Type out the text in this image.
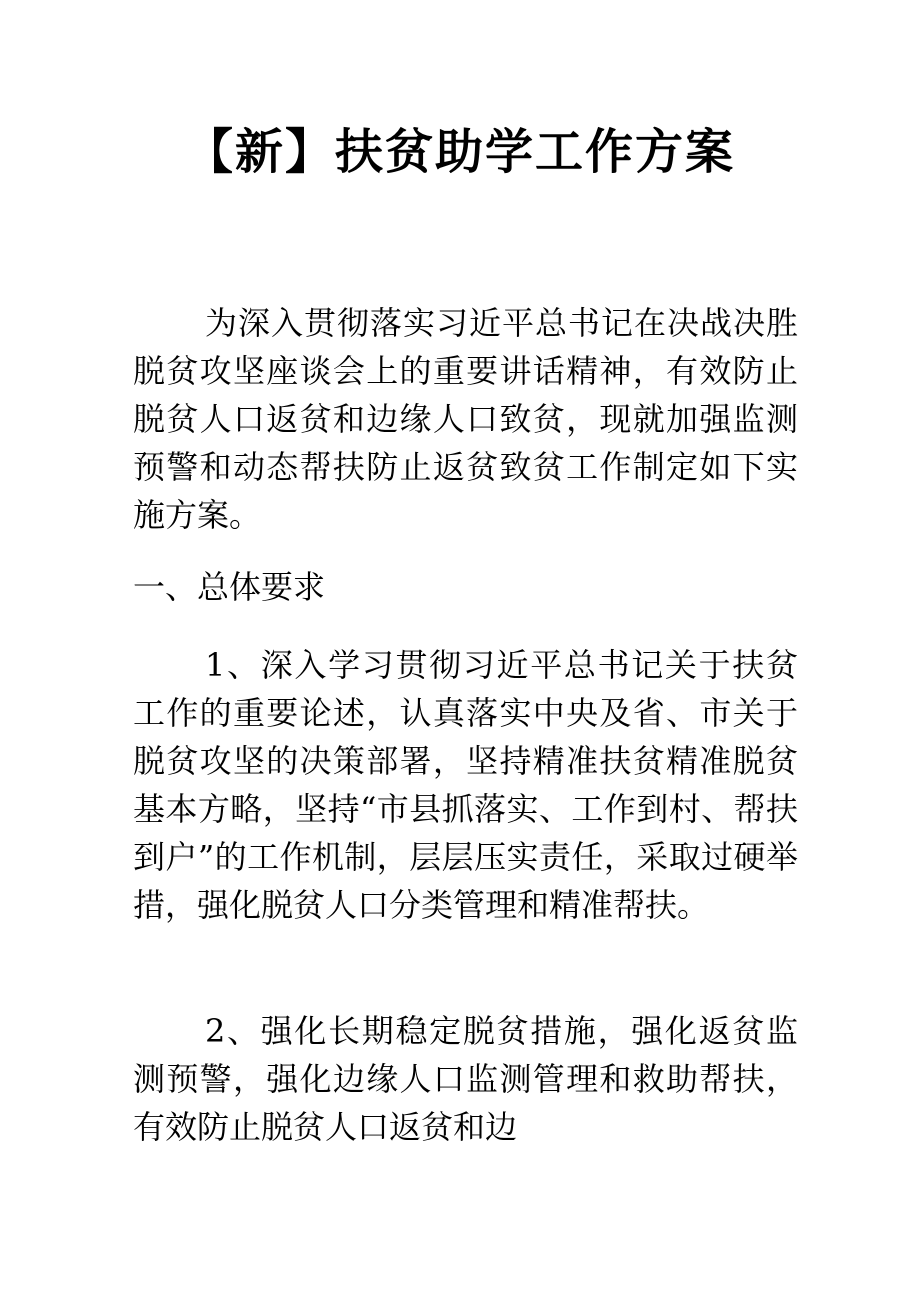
【新】扶贫助学工作方案

为深入贯彻落实习近平总书记在决战决胜脱贫攻坚座谈会上的重要讲话精神，有效防止脱贫人口返贫和边缘人口致贫，现就加强监测预警和动态帮扶防止返贫致贫工作制定如下实施方案。

一、总体要求

1、深入学习贯彻习近平总书记关于扶贫工作的重要论述，认真落实中央及省、市关于脱贫攻坚的决策部署，坚持精准扶贫精准脱贫基本方略，坚持“市县抓落实、工作到村、帮扶到户”的工作机制，层层压实责任，采取过硬举措，强化脱贫人口分类管理和精准帮扶。

2、强化长期稳定脱贫措施，强化返贫监测预警，强化边缘人口监测管理和救助帮扶，有效防止脱贫人口返贫和边
